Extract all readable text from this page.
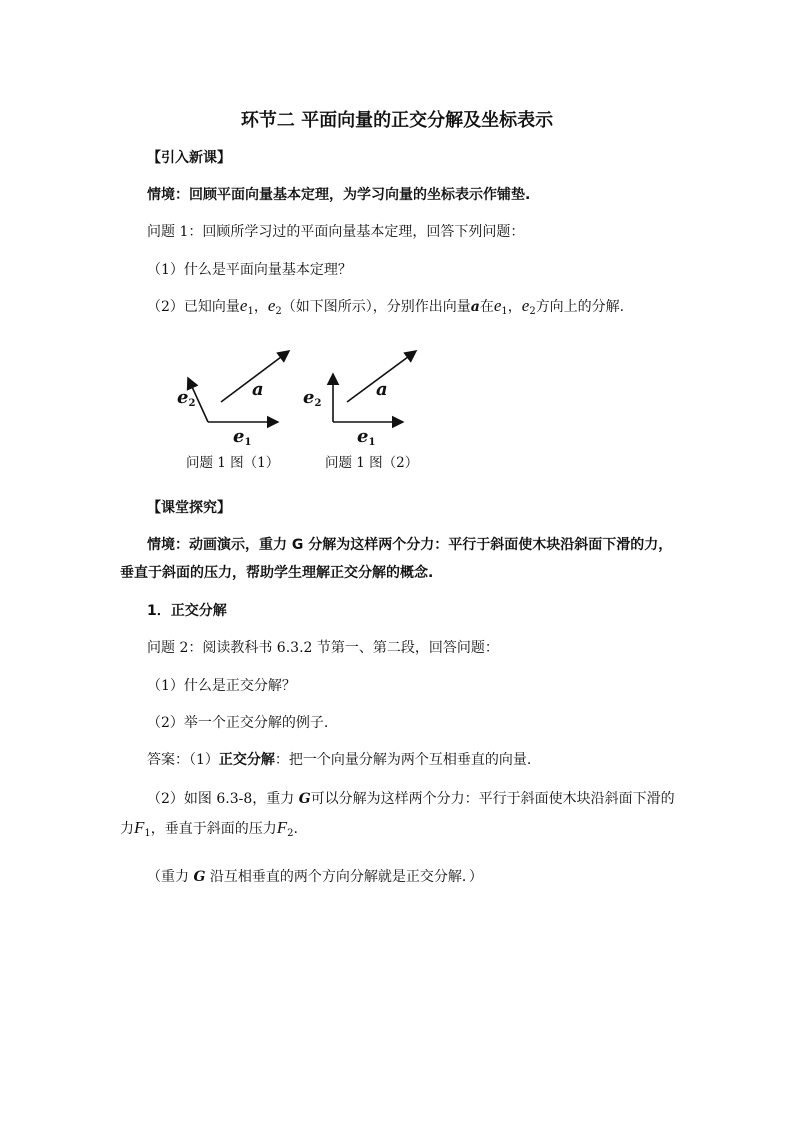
环节二 平面向量的正交分解及坐标表示
【引入新课】
情境：回顾平面向量基本定理，为学习向量的坐标表示作铺垫.
问题 1：回顾所学习过的平面向量基本定理，回答下列问题：
（1）什么是平面向量基本定理？
（2）已知向量$e_1$，$e_2$（如下图所示），分别作出向量a在$e_1$，$e_2$方向上的分解.
$e_2$
a
$e_1$
问题 1 图（1）
$e_2$
a
$e_1$
问题 1 图（2）
【课堂探究】
情境：动画演示，重力 G 分解为这样两个分力：平行于斜面使木块沿斜面下滑的力，
垂直于斜面的压力，帮助学生理解正交分解的概念.
1．正交分解
问题 2：阅读教科书 6.3.2 节第一、第二段，回答问题：
（1）什么是正交分解？
（2）举一个正交分解的例子.
答案：（1）正交分解：把一个向量分解为两个互相垂直的向量.
（2）如图 6.3-8，重力 G可以分解为这样两个分力：平行于斜面使木块沿斜面下滑的
力$F_1$，垂直于斜面的压力$F_2$.
（重力 G 沿互相垂直的两个方向分解就是正交分解．）
